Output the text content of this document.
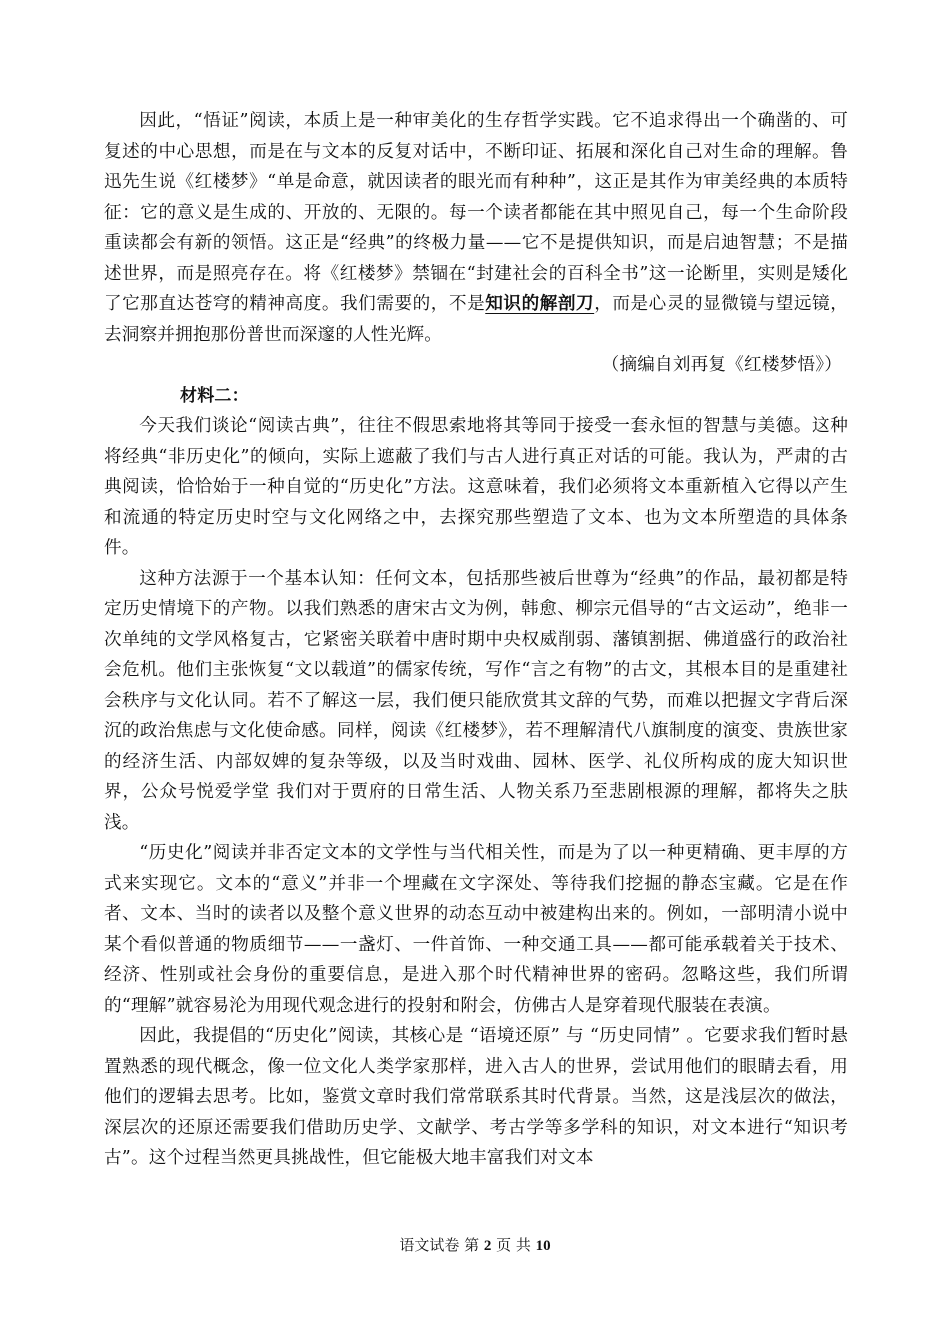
因此，“悟证”阅读，本质上是一种审美化的生存哲学实践。它不追求得出一个确凿的、可复述的中心思想，而是在与文本的反复对话中，不断印证、拓展和深化自己对生命的理解。鲁迅先生说《红楼梦》“单是命意，就因读者的眼光而有种种”，这正是其作为审美经典的本质特征：它的意义是生成的、开放的、无限的。每一个读者都能在其中照见自己，每一个生命阶段重读都会有新的领悟。这正是“经典”的终极力量——它不是提供知识，而是启迪智慧；不是描述世界，而是照亮存在。将《红楼梦》禁锢在“封建社会的百科全书”这一论断里，实则是矮化了它那直达苍穹的精神高度。我们需要的，不是知识的解剖刀，而是心灵的显微镜与望远镜，去洞察并拥抱那份普世而深邃的人性光辉。

（摘编自刘再复《红楼梦悟》）

材料二：

今天我们谈论“阅读古典”，往往不假思索地将其等同于接受一套永恒的智慧与美德。这种将经典“非历史化”的倾向，实际上遮蔽了我们与古人进行真正对话的可能。我认为，严肃的古典阅读，恰恰始于一种自觉的“历史化”方法。这意味着，我们必须将文本重新植入它得以产生和流通的特定历史时空与文化网络之中，去探究那些塑造了文本、也为文本所塑造的具体条件。

这种方法源于一个基本认知：任何文本，包括那些被后世尊为“经典”的作品，最初都是特定历史情境下的产物。以我们熟悉的唐宋古文为例，韩愈、柳宗元倡导的“古文运动”，绝非一次单纯的文学风格复古，它紧密关联着中唐时期中央权威削弱、藩镇割据、佛道盛行的政治社会危机。他们主张恢复“文以载道”的儒家传统，写作“言之有物”的古文，其根本目的是重建社会秩序与文化认同。若不了解这一层，我们便只能欣赏其文辞的气势，而难以把握文字背后深沉的政治焦虑与文化使命感。同样，阅读《红楼梦》，若不理解清代八旗制度的演变、贵族世家的经济生活、内部奴婢的复杂等级，以及当时戏曲、园林、医学、礼仪所构成的庞大知识世界，公众号悦爱学堂 我们对于贾府的日常生活、人物关系乃至悲剧根源的理解，都将失之肤浅。

“历史化”阅读并非否定文本的文学性与当代相关性，而是为了以一种更精确、更丰厚的方式来实现它。文本的“意义”并非一个埋藏在文字深处、等待我们挖掘的静态宝藏。它是在作者、文本、当时的读者以及整个意义世界的动态互动中被建构出来的。例如，一部明清小说中某个看似普通的物质细节——一盏灯、一件首饰、一种交通工具——都可能承载着关于技术、经济、性别或社会身份的重要信息，是进入那个时代精神世界的密码。忽略这些，我们所谓的“理解”就容易沦为用现代观念进行的投射和附会，仿佛古人是穿着现代服装在表演。

因此，我提倡的“历史化”阅读，其核心是 “语境还原” 与 “历史同情” 。它要求我们暂时悬置熟悉的现代概念，像一位文化人类学家那样，进入古人的世界，尝试用他们的眼睛去看，用他们的逻辑去思考。比如，鉴赏文章时我们常常联系其时代背景。当然，这是浅层次的做法，深层次的还原还需要我们借助历史学、文献学、考古学等多学科的知识，对文本进行“知识考古”。这个过程当然更具挑战性，但它能极大地丰富我们对文本

语文试卷 第 2 页 共 10
